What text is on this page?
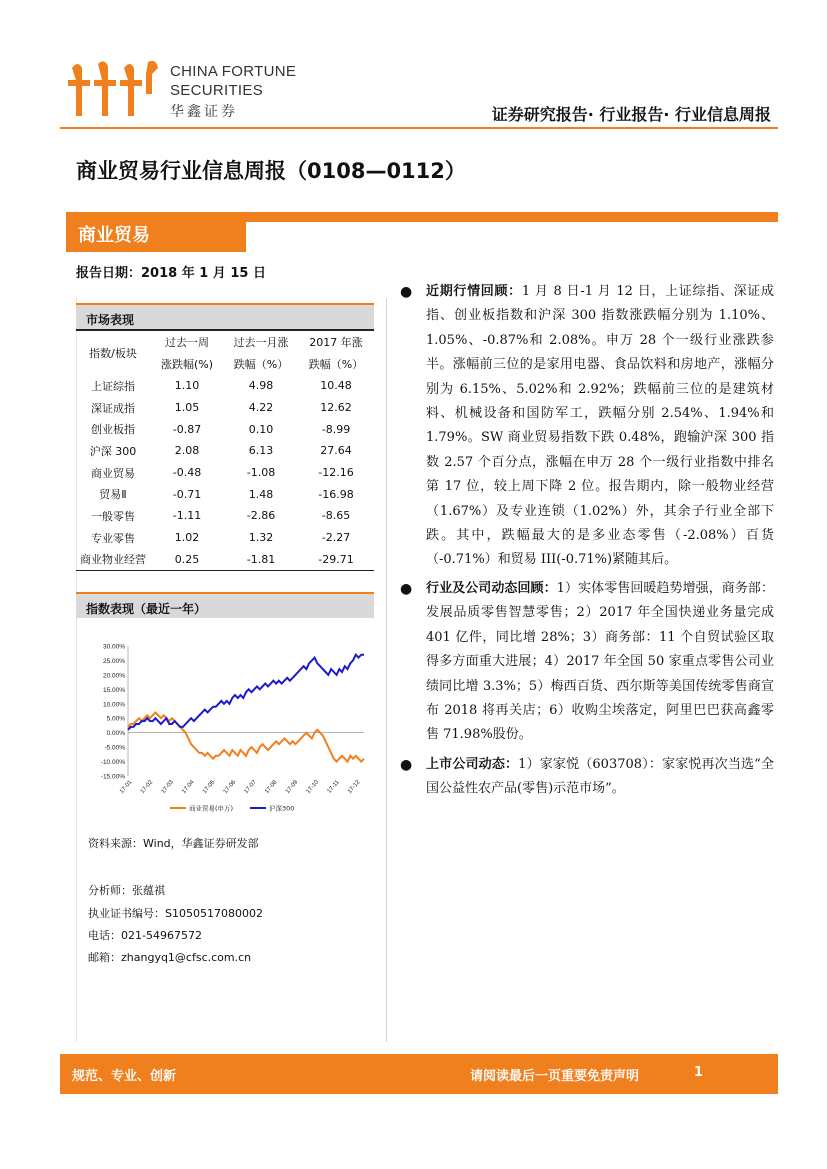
CHINA FORTUNE
SECURITIES
华鑫证券	证券研究报告· 行业报告· 行业信息周报
商业贸易行业信息周报（0108—0112）
商业贸易
报告日期：2018 年 1 月 15 日
市场表现
指数/板块	过去一周	过去一月涨	2017 年涨
	涨跌幅(%)	跌幅（%）	跌幅（%）
上证综指	1.10	4.98	10.48
深证成指	1.05	4.22	12.62
创业板指	-0.87	0.10	-8.99
沪深 300	2.08	6.13	27.64
商业贸易	-0.48	-1.08	-12.16
贸易Ⅱ	-0.71	1.48	-16.98
一般零售	-1.11	-2.86	-8.65
专业零售	1.02	1.32	-2.27
商业物业经营	0.25	-1.81	-29.71
指数表现（最近一年）
30.00%
25.00%
20.00%
15.00%
10.00%
5.00%
0.00%
-5.00%
-10.00%
-15.00%
17-01 17-02 17-03 17-04 17-05 17-06 17-07 17-08 17-09 17-10 17-11 17-12
商业贸易(申万)	沪深300
资料来源：Wind，华鑫证券研发部
分析师：张蕴祺
执业证书编号：S1050517080002
电话：021-54967572
邮箱：zhangyq1@cfsc.com.cn
● 近期行情回顾：1 月 8 日-1 月 12 日，上证综指、深证成指、创业板指数和沪深 300 指数涨跌幅分别为 1.10%、1.05%、-0.87%和 2.08%。申万 28 个一级行业涨跌参半。涨幅前三位的是家用电器、食品饮料和房地产，涨幅分别为 6.15%、5.02%和 2.92%；跌幅前三位的是建筑材料、机械设备和国防军工，跌幅分别 2.54%、1.94%和 1.79%。SW 商业贸易指数下跌 0.48%，跑输沪深 300 指数 2.57 个百分点，涨幅在申万 28 个一级行业指数中排名第 17 位，较上周下降 2 位。报告期内，除一般物业经营（1.67%）及专业连锁（1.02%）外，其余子行业全部下跌。其中，跌幅最大的是多业态零售（-2.08%）百货（-0.71%）和贸易 III(-0.71%)紧随其后。
● 行业及公司动态回顾：1）实体零售回暖趋势增强，商务部：发展品质零售智慧零售；2）2017 年全国快递业务量完成 401 亿件，同比增 28%；3）商务部：11 个自贸试验区取得多方面重大进展；4）2017 年全国 50 家重点零售公司业绩同比增 3.3%；5）梅西百货、西尔斯等美国传统零售商宣布 2018 将再关店；6）收购尘埃落定，阿里巴巴获高鑫零售 71.98%股份。
● 上市公司动态：1）家家悦（603708）：家家悦再次当选“全国公益性农产品(零售)示范市场”。
规范、专业、创新	请阅读最后一页重要免责声明	1
